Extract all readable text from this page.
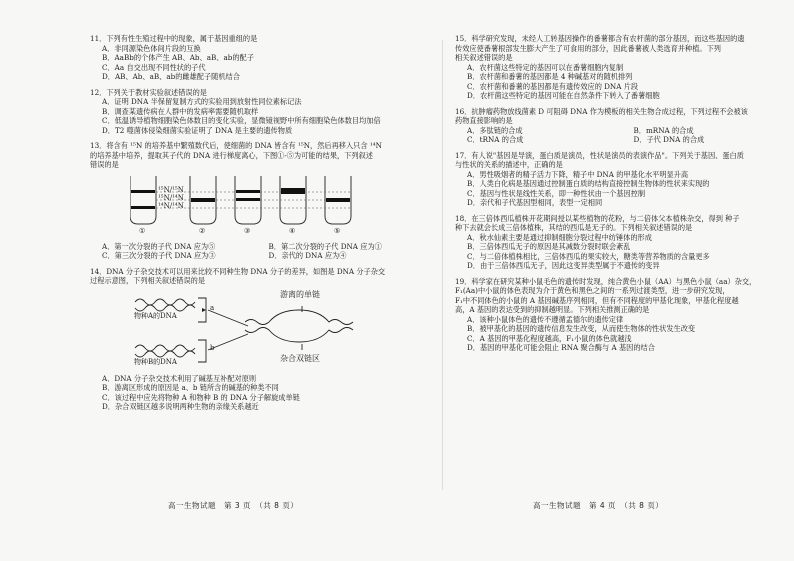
11．下列有性生殖过程中的现象，属于基因重组的是

A．非同源染色体间片段的互换

B．AaBb的个体产生 AB、Ab、aB、ab的配子

C．Aa 自交出现不同性状的子代

D．AB、Ab、aB、ab的雌雄配子随机结合

12．下列关于教材实验叙述错误的是

A．证明 DNA 半保留复制方式的实验用到放射性同位素标记法

B．调查某遗传病在人群中的发病率需要随机取样

C．低温诱导植物细胞染色体数目的变化实验，显微镜视野中所有细胞染色体数目均加倍

D．T2 噬菌体侵染细菌实验证明了 DNA 是主要的遗传物质

13．将含有 ¹⁵N 的培养基中繁殖数代后，使细菌的 DNA 皆含有 ¹⁵N，然后再移入只含 ¹⁴N

的培养基中培养，提取其子代的 DNA 进行梯度离心，下图①-⑤为可能的结果，下列叙述

错误的是

¹⁵N/¹⁵N
¹⁵N/¹⁴N
¹⁴N/¹⁴N
①	②	③	④	⑤

A．第一次分裂的子代 DNA 应为⑤	B．第二次分裂的子代 DNA 应为①

C．第三次分裂的子代 DNA 应为③	D．亲代的 DNA 应为④

14．DNA 分子杂交技术可以用来比较不同种生物 DNA 分子的差异，如图是 DNA 分子杂交

过程示意图，下列相关叙述错误的是

游离的单链
物种A的DNA
物种B的DNA	杂合双链区
a
b

A．DNA 分子杂交技术利用了碱基互补配对原则

B．游离区形成的原因是 a、b 链所含的碱基的种类不同

C．该过程中应先将物种 A 和物种 B 的 DNA 分子解旋成单链

D．杂合双链区越多说明两种生物的亲缘关系越近

15．科学研究发现，未经人工转基因操作的番薯都含有农杆菌的部分基因，而这些基因的遗

传效应使番薯根部发生膨大产生了可食用的部分，因此番薯被人类选育并种植。下列

相关叙述错误的是

A．农杆菌这些特定的基因可以在番薯细胞内复制

B．农杆菌和番薯的基因都是 4 种碱基对的随机排列

C．农杆菌和番薯的基因都是有遗传效应的 DNA 片段

D．农杆菌这些特定的基因可能在自然条件下转入了番薯细胞

16．抗肿瘤药物放线菌素 D 可阻碍 DNA 作为模板的相关生物合成过程，下列过程不会被该

药物直接影响的是

A．多肽链的合成	B．mRNA 的合成

C．tRNA 的合成	D．子代 DNA 的合成

17．有人说"基因是导演，蛋白质是演员，性状是演员的表演作品"。下列关于基因、蛋白质

与性状的关系的描述中，正确的是

A．男性吸烟者的精子活力下降，精子中 DNA 的甲基化水平明显升高

B．人类白化病是基因通过控制蛋白质的结构直接控制生物体的性状来实现的

C．基因与性状是线性关系，即一种性状由一个基因控制

D．亲代和子代基因型相同，表型一定相同

18．在三倍体西瓜植株开花期间授以某些植物的花粉，与二倍体父本植株杂交，得到 种子

种下去就会长成三倍体植株，其结的西瓜是无子的。下列相关叙述错误的是

A．秋水仙素主要是通过抑制细胞分裂过程中纺锤体的形成

B．三倍体西瓜无子的原因是其减数分裂时联会紊乱

C．与二倍体植株相比，三倍体西瓜的果实较大，糖类等营养物质的含量更多

D．由于三倍体西瓜无子，因此这变异类型属于不遗传的变异

19．科学家在研究某种小鼠毛色的遗传时发现，纯合黄色小鼠（AA）与黑色小鼠（aa）杂交，

F₁(Aa)中小鼠的体色表现为介于黄色和黑色之间的一系列过渡类型，进一步研究发现，

F₁中不同体色的小鼠的 A 基因碱基序列相同，但有不同程度的甲基化现象，甲基化程度越

高，A 基因的表达受到的抑制越明显。下列相关推测正确的是

A．该种小鼠体色的遗传不遵循孟德尔的遗传定律

B．被甲基化的基因的遗传信息发生改变，从而使生物体的性状发生改变

C．A 基因的甲基化程度越高，F₁小鼠的体色就越浅

D．基因的甲基化可能会阻止 RNA 聚合酶与 A 基因的结合

高一生物试题　第 3 页　（共 8 页）	高一生物试题　第 4 页　（共 8 页）
